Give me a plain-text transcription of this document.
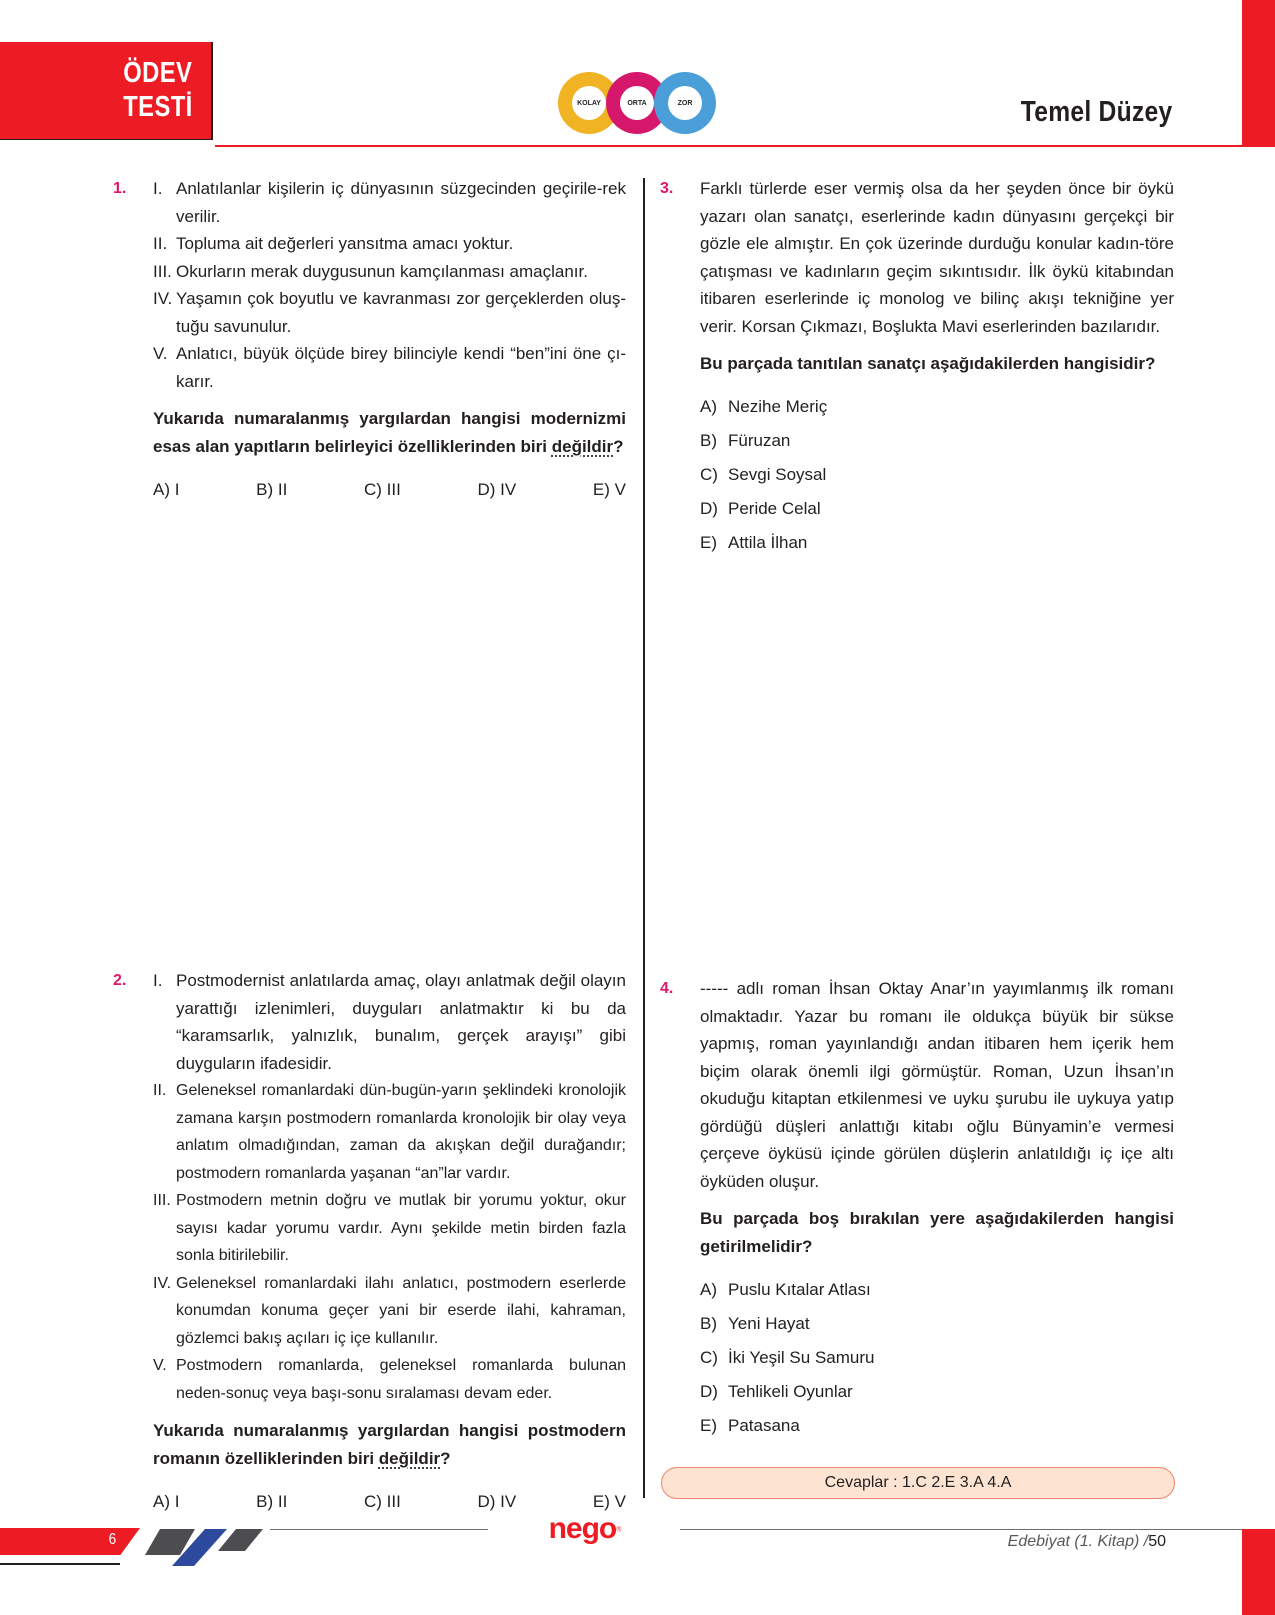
ÖDEV
TESTİ	KOLAY	ORTA	ZOR	Temel Düzey
1. I. Anlatılanlar kişilerin iç dünyasının süzgecinden geçirile-rek verilir.
II. Topluma ait değerleri yansıtma amacı yoktur.
III. Okurların merak duygusunun kamçılanması amaçlanır.
IV. Yaşamın çok boyutlu ve kavranması zor gerçeklerden oluş-tuğu savunulur.
V. Anlatıcı, büyük ölçüde birey bilinciyle kendi “ben”ini öne çı-karır.
Yukarıda numaralanmış yargılardan hangisi modernizmi esas alan yapıtların belirleyici özelliklerinden biri değildir?
A) I	B) II	C) III	D) IV	E) V
2. I. Postmodernist anlatılarda amaç, olayı anlatmak değil olayın yarattığı izlenimleri, duyguları anlatmaktır ki bu da “karamsarlık, yalnızlık, bunalım, gerçek arayışı” gibi duyguların ifadesidir.
II. Geleneksel romanlardaki dün-bugün-yarın şeklindeki kronolojik zamana karşın postmodern romanlarda kronolojik bir olay veya anlatım olmadığından, zaman da akışkan değil durağandır; postmodern romanlarda yaşanan “an”lar vardır.
III. Postmodern metnin doğru ve mutlak bir yorumu yoktur, okur sayısı kadar yorumu vardır. Aynı şekilde metin birden fazla sonla bitirilebilir.
IV. Geleneksel romanlardaki ilahı anlatıcı, postmodern eserlerde konumdan konuma geçer yani bir eserde ilahi, kahraman, gözlemci bakış açıları iç içe kullanılır.
V. Postmodern romanlarda, geleneksel romanlarda bulunan neden-sonuç veya başı-sonu sıralaması devam eder.
Yukarıda numaralanmış yargılardan hangisi postmodern romanın özelliklerinden biri değildir?
A) I	B) II	C) III	D) IV	E) V
3. Farklı türlerde eser vermiş olsa da her şeyden önce bir öykü yazarı olan sanatçı, eserlerinde kadın dünyasını gerçekçi bir gözle ele almıştır. En çok üzerinde durduğu konular kadın-töre çatışması ve kadınların geçim sıkıntısıdır. İlk öykü kitabından itibaren eserlerinde iç monolog ve bilinç akışı tekniğine yer verir. Korsan Çıkmazı, Boşlukta Mavi eserlerinden bazılarıdır.
Bu parçada tanıtılan sanatçı aşağıdakilerden hangisidir?
A) Nezihe Meriç
B) Füruzan
C) Sevgi Soysal
D) Peride Celal
E) Attila İlhan
4. ----- adlı roman İhsan Oktay Anar’ın yayımlanmış ilk romanı olmaktadır. Yazar bu romanı ile oldukça büyük bir sükse yapmış, roman yayınlandığı andan itibaren hem içerik hem biçim olarak önemli ilgi görmüştür. Roman, Uzun İhsan’ın okuduğu kitaptan etkilenmesi ve uyku şurubu ile uykuya yatıp gördüğü düşleri anlattığı kitabı oğlu Bünyamin’e vermesi çerçeve öyküsü içinde görülen düşlerin anlatıldığı iç içe altı öyküden oluşur.
Bu parçada boş bırakılan yere aşağıdakilerden hangisi getirilmelidir?
A) Puslu Kıtalar Atlası
B) Yeni Hayat
C) İki Yeşil Su Samuru
D) Tehlikeli Oyunlar
E) Patasana
Cevaplar : 1.C 2.E 3.A 4.A
6	nego®
Edebiyat (1. Kitap) /50
